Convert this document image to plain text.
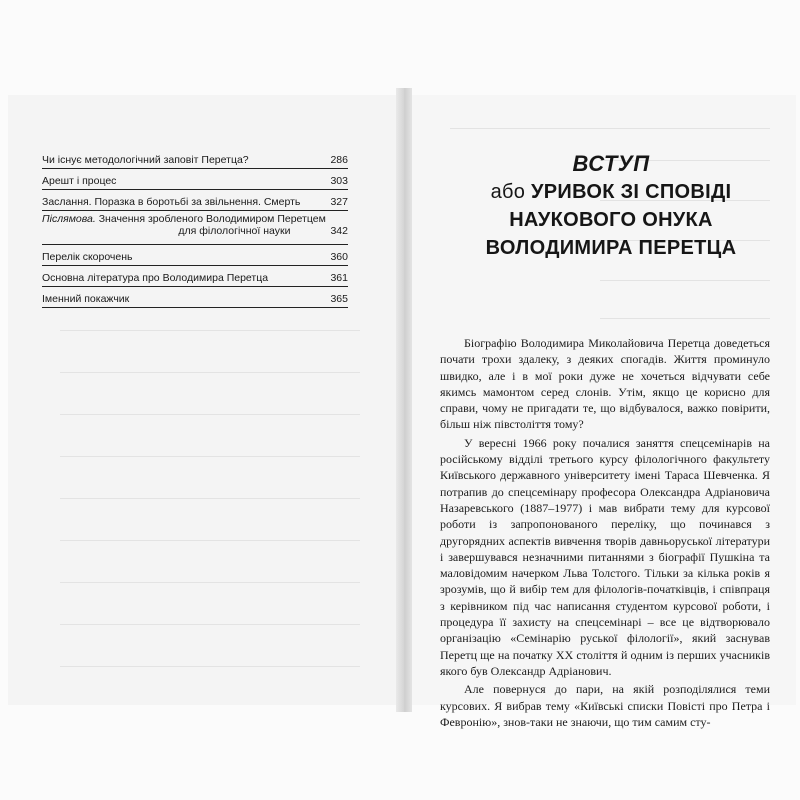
Чи існує методологічний заповіт Перетца?	286
Арешт і процес	303
Заслання. Поразка в боротьбі за звільнення. Смерть	327
Післямова. Значення зробленого Володимиром Перетцем
для філологічної науки	342
Перелік скорочень	360
Основна література про Володимира Перетца	361
Іменний покажчик	365
ВСТУП
або УРИВОК ЗІ СПОВІДІ
НАУКОВОГО ОНУКА
ВОЛОДИМИРА ПЕРЕТЦА

Біографію Володимира Миколайовича Перетца доведеться почати трохи здалеку, з деяких спогадів. Життя проминуло швидко, але і в мої роки дуже не хочеться відчувати себе якимсь мамонтом серед слонів. Утім, якщо це корисно для справи, чому не пригадати те, що відбувалося, важко повірити, більш ніж півстоліття тому?

У вересні 1966 року почалися заняття спецсемінарів на російському відділі третього курсу філологічного факультету Київського державного університету імені Тараса Шевченка. Я потрапив до спецсемінару професора Олександра Адріановича Назаревського (1887–1977) і мав вибрати тему для курсової роботи із запропонованого переліку, що починався з другорядних аспектів вивчення творів давньоруської літератури і завершувався незначними питаннями з біографії Пушкіна та маловідомим начерком Льва Толстого. Тільки за кілька років я зрозумів, що й вибір тем для філологів-початківців, і співпраця з керівником під час написання студентом курсової роботи, і процедура її захисту на спецсемінарі – все це відтворювало організацію «Семінарію руської філології», який заснував Перетц ще на початку ХХ століття й одним із перших учасників якого був Олександр Адріанович.

Але повернуся до пари, на якій розподілялися теми курсових. Я вибрав тему «Київські списки Повісті про Петра і Февронію», знов-таки не знаючи, що тим самим сту-
